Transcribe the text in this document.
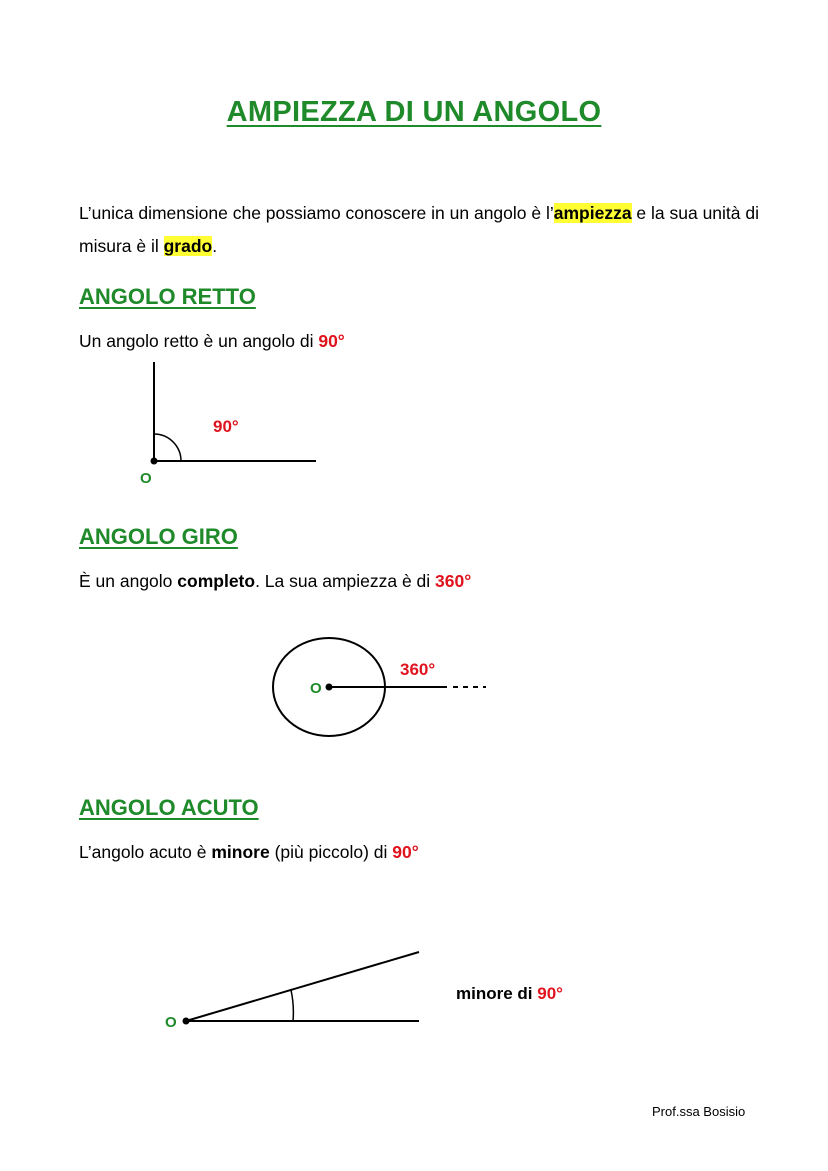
AMPIEZZA DI UN ANGOLO

L’unica dimensione che possiamo conoscere in un angolo è l’ampiezza e la sua unità di misura è il grado.

ANGOLO RETTO

Un angolo retto è un angolo di 90°

90°
O
360°
O
O
minore di 90°
ANGOLO GIRO

È un angolo completo. La sua ampiezza è di 360°

ANGOLO ACUTO

L’angolo acuto è minore (più piccolo) di 90°

Prof.ssa Bosisio
